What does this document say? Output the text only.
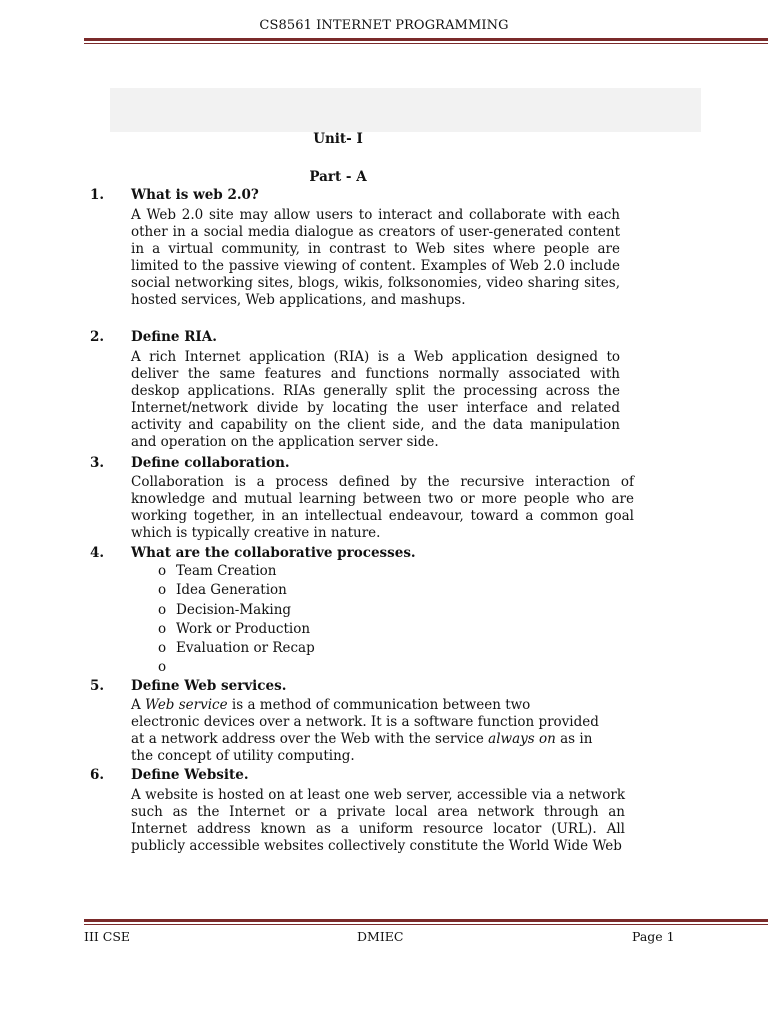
CS8561 INTERNET PROGRAMMING
Unit- I
Part - A
1. What is web 2.0?
A Web 2.0 site may allow users to interact and collaborate with each other in a social media dialogue as creators of user-generated content in a virtual community, in contrast to Web sites where people are limited to the passive viewing of content. Examples of Web 2.0 include social networking sites, blogs, wikis, folksonomies, video sharing sites, hosted services, Web applications, and mashups.
2. Define RIA.
A rich Internet application (RIA) is a Web application designed to deliver the same features and functions normally associated with deskop applications. RIAs generally split the processing across the Internet/network divide by locating the user interface and related activity and capability on the client side, and the data manipulation and operation on the application server side.
3. Define collaboration.
Collaboration is a process defined by the recursive interaction of knowledge and mutual learning between two or more people who are working together, in an intellectual endeavour, toward a common goal which is typically creative in nature.
4. What are the collaborative processes.
o Team Creation
o Idea Generation
o Decision-Making
o Work or Production
o Evaluation or Recap
o
5. Define Web services.
A Web service is a method of communication between two electronic devices over a network. It is a software function provided at a network address over the Web with the service always on as in the concept of utility computing.
6. Define Website.
A website is hosted on at least one web server, accessible via a network such as the Internet or a private local area network through an Internet address known as a uniform resource locator (URL). All publicly accessible websites collectively constitute the World Wide Web
III CSE	DMIEC	Page 1
